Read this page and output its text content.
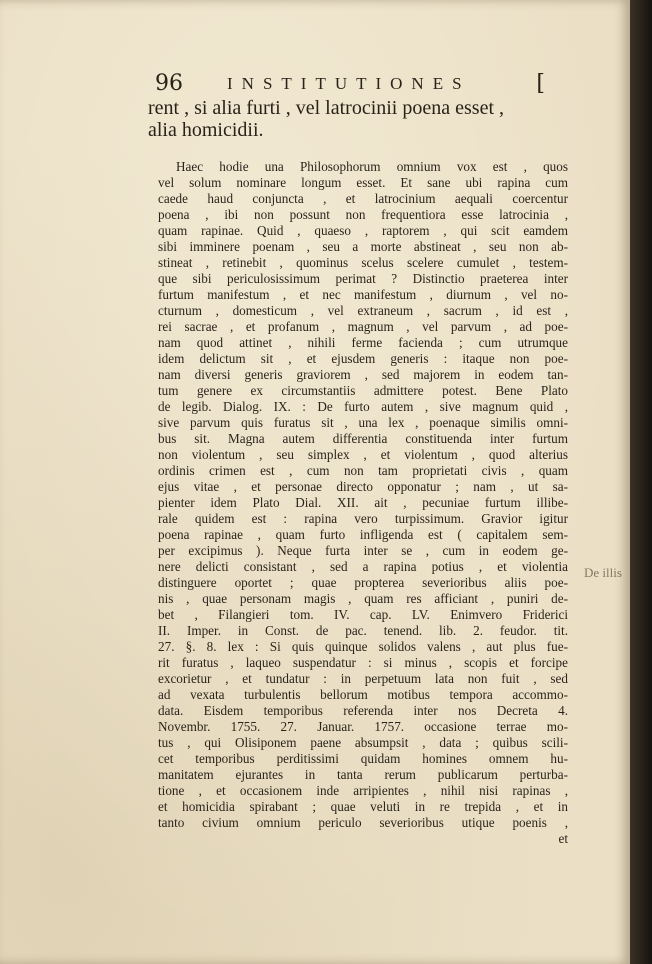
96	INSTITUTIONES	[
rent , si alia furti , vel latrocinii poena esset ,
alia homicidii.
Haec hodie una Philosophorum omnium vox est , quos
vel solum nominare longum esset. Et sane ubi rapina cum
caede haud conjuncta , et latrocinium aequali coercentur
poena , ibi non possunt non frequentiora esse latrocinia ,
quam rapinae. Quid , quaeso , raptorem , qui scit eamdem
sibi imminere poenam , seu a morte abstineat , seu non ab-
stineat , retinebit , quominus scelus scelere cumulet , testem-
que sibi periculosissimum perimat ? Distinctio praeterea inter
furtum manifestum , et nec manifestum , diurnum , vel no-
cturnum , domesticum , vel extraneum , sacrum , id est ,
rei sacrae , et profanum , magnum , vel parvum , ad poe-
nam quod attinet , nihili ferme facienda ; cum utrumque
idem delictum sit , et ejusdem generis : itaque non poe-
nam diversi generis graviorem , sed majorem in eodem tan-
tum genere ex circumstantiis admittere potest. Bene Plato
de legib. Dialog. IX. : De furto autem , sive magnum quid ,
sive parvum quis furatus sit , una lex , poenaque similis omni-
bus sit. Magna autem differentia constituenda inter furtum
non violentum , seu simplex , et violentum , quod alterius
ordinis crimen est , cum non tam proprietati civis , quam
ejus vitae , et personae directo opponatur ; nam , ut sa-
pienter idem Plato Dial. XII. ait , pecuniae furtum illibe-
rale quidem est : rapina vero turpissimum. Gravior igitur
poena rapinae , quam furto infligenda est ( capitalem sem-
per excipimus ). Neque furta inter se , cum in eodem ge-
nere delicti consistant , sed a rapina potius , et violentia
distinguere oportet ; quae propterea severioribus aliis poe-
nis , quae personam magis , quam res afficiant , puniri de-
bet , Filangieri tom. IV. cap. LV. Enimvero Friderici
II. Imper. in Const. de pac. tenend. lib. 2. feudor. tit.
27. §. 8. lex : Si quis quinque solidos valens , aut plus fue-
rit furatus , laqueo suspendatur : si minus , scopis et forcipe
excorietur , et tundatur : in perpetuum lata non fuit , sed
ad vexata turbulentis bellorum motibus tempora accommo-
data. Eisdem temporibus referenda inter nos Decreta 4.
Novembr. 1755. 27. Januar. 1757. occasione terrae mo-
tus , qui Olisiponem paene absumpsit , data ; quibus scili-
cet temporibus perditissimi quidam homines omnem hu-
manitatem ejurantes in tanta rerum publicarum perturba-
tione , et occasionem inde arripientes , nihil nisi rapinas ,
et homicidia spirabant ; quae veluti in re trepida , et in
tanto civium omnium periculo severioribus utique poenis ,
et
De illis
